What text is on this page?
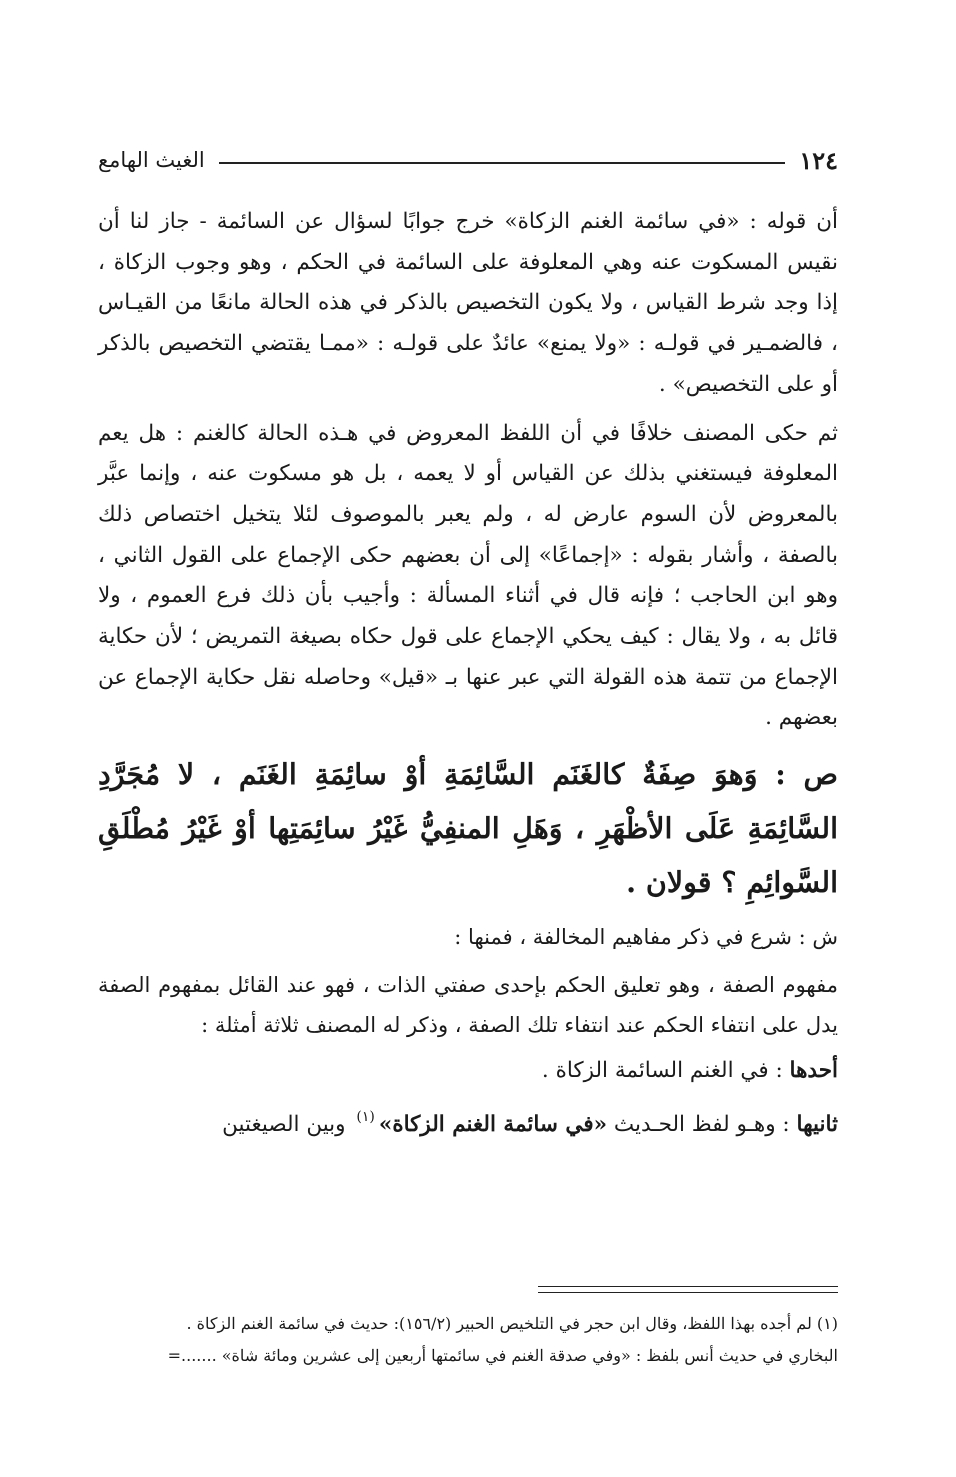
١٢٤
الغيث الهامع

أن قوله : «في سائمة الغنم الزكاة» خرج جوابًا لسؤال عن السائمة - جاز لنا أن نقيس المسكوت عنه وهي المعلوفة على السائمة في الحكم ، وهو وجوب الزكاة ، إذا وجد شرط القياس ، ولا يكون التخصيص بالذكر في هذه الحالة مانعًا من القيـاس ، فالضمـير في قولـه : «ولا يمنع» عائدٌ على قولـه : «ممـا يقتضي التخصيص بالذكر أو على التخصيص» .

ثم حكى المصنف خلافًا في أن اللفظ المعروض في هـذه الحالة كالغنم : هل يعم المعلوفة فيستغني بذلك عن القياس أو لا يعمه ، بل هو مسكوت عنه ، وإنما عبَّر بالمعروض لأن السوم عارض له ، ولم يعبر بالموصوف لئلا يتخيل اختصاص ذلك بالصفة ، وأشار بقوله : «إجماعًا» إلى أن بعضهم حكى الإجماع على القول الثاني ، وهو ابن الحاجب ؛ فإنه قال في أثناء المسألة : وأجيب بأن ذلك فرع العموم ، ولا قائل به ، ولا يقال : كيف يحكي الإجماع على قول حكاه بصيغة التمريض ؛ لأن حكاية الإجماع من تتمة هذه القولة التي عبر عنها بـ «قيل» وحاصله نقل حكاية الإجماع عن بعضهم .

ص : وَهوَ صِفَةٌ كالغَنَم السَّائِمَةِ أوْ سائِمَةِ الغَنَم ، لا مُجَرَّدِ السَّائِمَةِ عَلَى الأظْهَرِ ، وَهَلِ المنفِيُّ غَيْرُ سائِمَتِها أوْ غَيْرُ مُطْلَقِ السَّوائِمِ ؟ قولان .

ش : شرع في ذكر مفاهيم المخالفة ، فمنها :

مفهوم الصفة ، وهو تعليق الحكم بإحدى صفتي الذات ، فهو عند القائل بمفهوم الصفة يدل على انتفاء الحكم عند انتفاء تلك الصفة ، وذكر له المصنف ثلاثة أمثلة :

أحدها : في الغنم السائمة الزكاة .

ثانيها : وهـو لفظ الحـديث «في سائمة الغنم الزكاة»$^{(١)}$ وبين الصيغتين

(١) لم أجده بهذا اللفظ، وقال ابن حجر في التلخيص الحبير (١٥٦/٢): حديث في سائمة الغنم الزكاة .

البخاري في حديث أنس بلفظ : «وفي صدقة الغنم في سائمتها أربعين إلى عشرين ومائة شاة» .......=
